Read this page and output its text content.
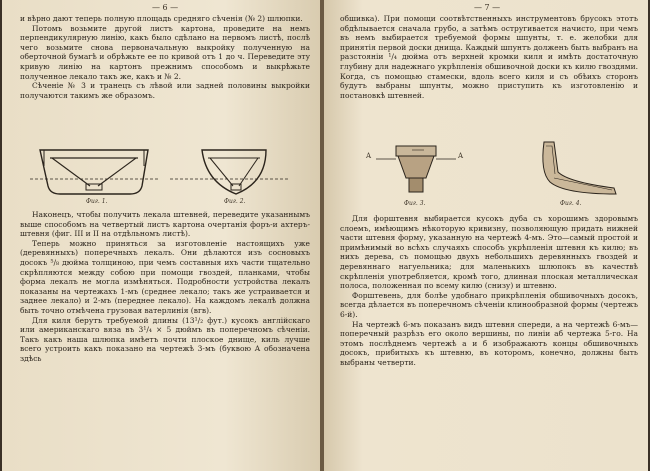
— 6 —

и вѣрно дают теперь полную площадь средняго сѣченія (№ 2) шлюпки.

Потомъ возьмите другой листъ картона, проведите на немъ перпендикулярную линію, какъ было сдѣлано на первомъ листѣ, послѣ чего возьмите снова первоначальную выкройку полученную на оберточной бумагѣ и обрѣжьте ее по кривой отъ 1 до ч. Переведите эту кривую линію на картонъ прежнимъ способомъ и выкрѣжьте полученное лекало такъ же, какъ и № 2.

Сѣченіе № 3 и транецъ съ лѣвой или задней половины выкройки получаются такимъ же образомъ.

Фиг. 1.	Фиг. 2.

Наконецъ, чтобы получить лекала штевней, переведите указаннымъ выше способомъ на четвертый листъ картона очертанія форъ-и ахтеръ-штевня (фиг. III и II на отдѣльномъ листѣ).

Теперь можно приняться за изготовленіе настоящихъ уже (деревянныхъ) поперечныхъ лекалъ. Они дѣлаются изъ сосновыхъ досокъ ⁵/₈ дюйма толщиною, при чемъ составныя ихъ части тщательно скрѣпляются между собою при помощи гвоздей, планками, чтобы форма лекалъ не могла измѣняться. Подробности устройства лекалъ показаны на чертежахъ 1-мъ (среднее лекало; такъ же устраивается и заднее лекало) и 2-мъ (переднее лекало). На каждомъ лекалѣ должна быть точно отмѣчена грузовая ватерлинія (вгв).

Для киля берутъ требуемой длины (13¹/₂ фут.) кусокъ англійскаго или американскаго вяза въ 3¹/₄ × 5 дюймъ въ поперечномъ сѣченіи. Такъ какъ наша шлюпка имѣетъ почти плоское днище, киль лучше всего устроить какъ показано на чертежѣ 3-мъ (буквою А обозначена здѣсь

— 7 —

обшивка). При помощи соотвѣтственныхъ инструментовъ брусокъ этотъ обдѣлывается сначала грубо, а затѣмъ остругивается начисто, при чемъ въ немъ выбирается требуемой формы шпунты, т. е. желобки для принятія первой доски днища. Каждый шпунтъ долженъ быть выбранъ на разстояніи ¹/₄ дюйма отъ верхней кромки киля и имѣть достаточную глубину для надежнаго укрѣпленія обшивочной доски къ килю гвоздями. Когда, съ помощью стамески, вдоль всего киля и съ обѣихъ сторонъ будутъ выбраны шпунты, можно приступить къ изготовленію и постановкѣ штевней.

A	A
Фиг. 3.	Фиг. 4.

Для форштевня выбирается кусокъ дуба съ хорошимъ здоровымъ слоемъ, имѣющимъ нѣкоторую кривизну, позволяющую придать нижней части штевня форму, указанную на чертежѣ 4-мъ. Это—самый простой и примѣнимый во всѣхъ случаяхъ способъ укрѣпленія штевня къ килю; въ нихъ дерева, съ помощью двухъ небольшихъ деревянныхъ гвоздей и деревяннаго нагуельника; для маленькихъ шлюпокъ въ качествѣ скрѣпленія употребляется, кромѣ того, длинная плоская металлическая полоса, положенная по всему килю (снизу) и штевню.

Форштевень, для болѣе удобнаго прикрѣпленія обшивочныхъ досокъ, всегда дѣлается въ поперечномъ сѣченіи клинообразной формы (чертежъ 6-й).

На чертежѣ 6-мъ показанъ видъ штевня спереди, а на чертежѣ 6-мъ—поперечный разрѣзъ его около вершины, по линіи аб чертежа 5-го. На этомъ послѣднемъ чертежѣ а и б изображаютъ концы обшивочныхъ досокъ, прибитыхъ къ штевню, въ которомъ, конечно, должны быть выбраны четверти.
